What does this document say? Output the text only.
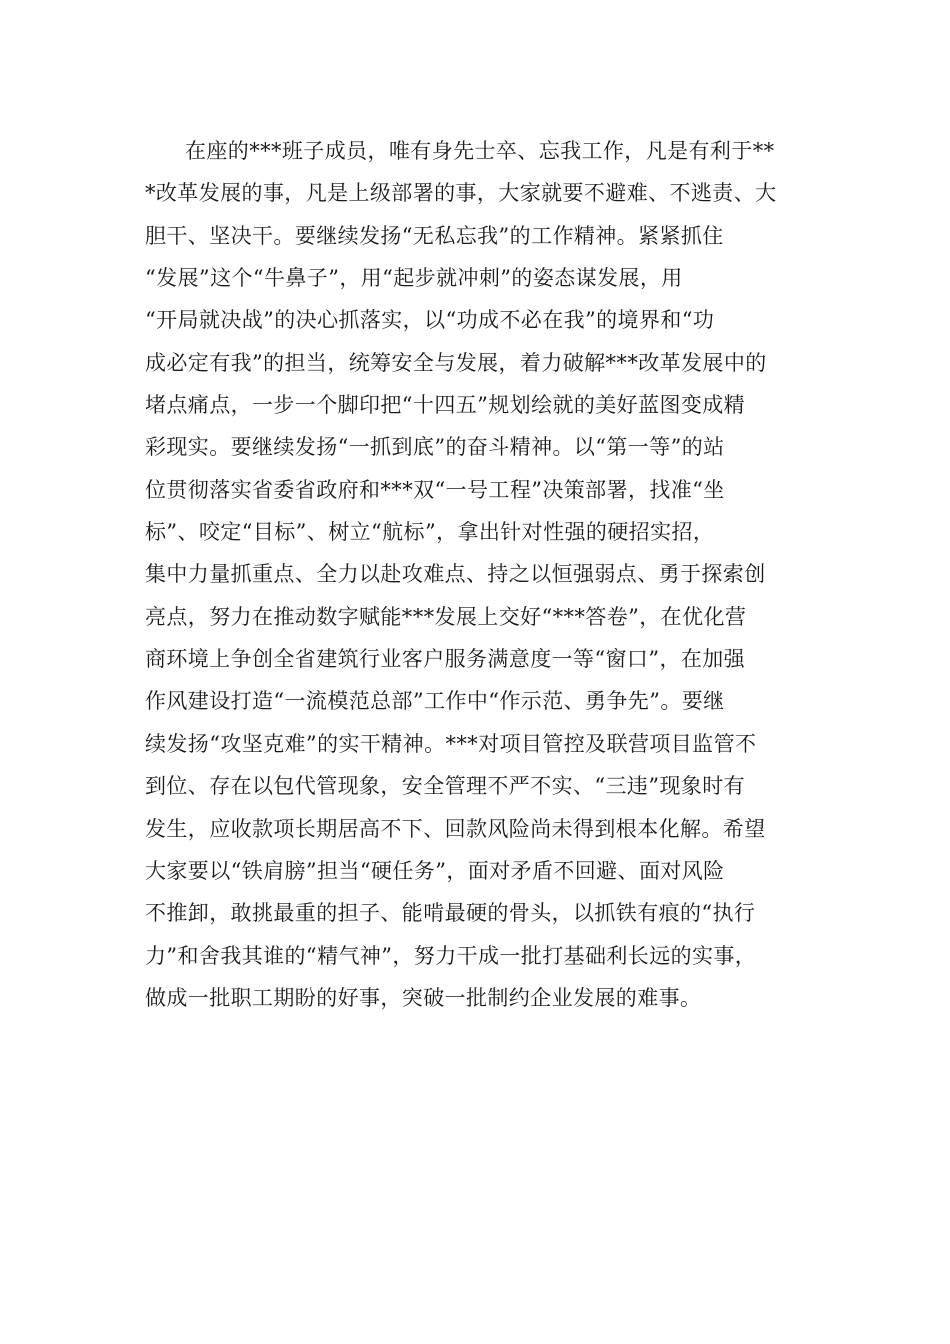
在座的***班子成员，唯有身先士卒、忘我工作，凡是有利于**
*改革发展的事，凡是上级部署的事，大家就要不避难、不逃责、大
胆干、坚决干。要继续发扬“无私忘我”的工作精神。紧紧抓住
“发展”这个“牛鼻子”，用“起步就冲刺”的姿态谋发展，用
“开局就决战”的决心抓落实，以“功成不必在我”的境界和“功
成必定有我”的担当，统筹安全与发展，着力破解***改革发展中的
堵点痛点，一步一个脚印把“十四五”规划绘就的美好蓝图变成精
彩现实。要继续发扬“一抓到底”的奋斗精神。以“第一等”的站
位贯彻落实省委省政府和***双“一号工程”决策部署，找准“坐
标”、咬定“目标”、树立“航标”，拿出针对性强的硬招实招，
集中力量抓重点、全力以赴攻难点、持之以恒强弱点、勇于探索创
亮点，努力在推动数字赋能***发展上交好“***答卷”，在优化营
商环境上争创全省建筑行业客户服务满意度一等“窗口”，在加强
作风建设打造“一流模范总部”工作中“作示范、勇争先”。要继
续发扬“攻坚克难”的实干精神。***对项目管控及联营项目监管不
到位、存在以包代管现象，安全管理不严不实、“三违”现象时有
发生，应收款项长期居高不下、回款风险尚未得到根本化解。希望
大家要以“铁肩膀”担当“硬任务”，面对矛盾不回避、面对风险
不推卸，敢挑最重的担子、能啃最硬的骨头，以抓铁有痕的“执行
力”和舍我其谁的“精气神”，努力干成一批打基础利长远的实事，
做成一批职工期盼的好事，突破一批制约企业发展的难事。
